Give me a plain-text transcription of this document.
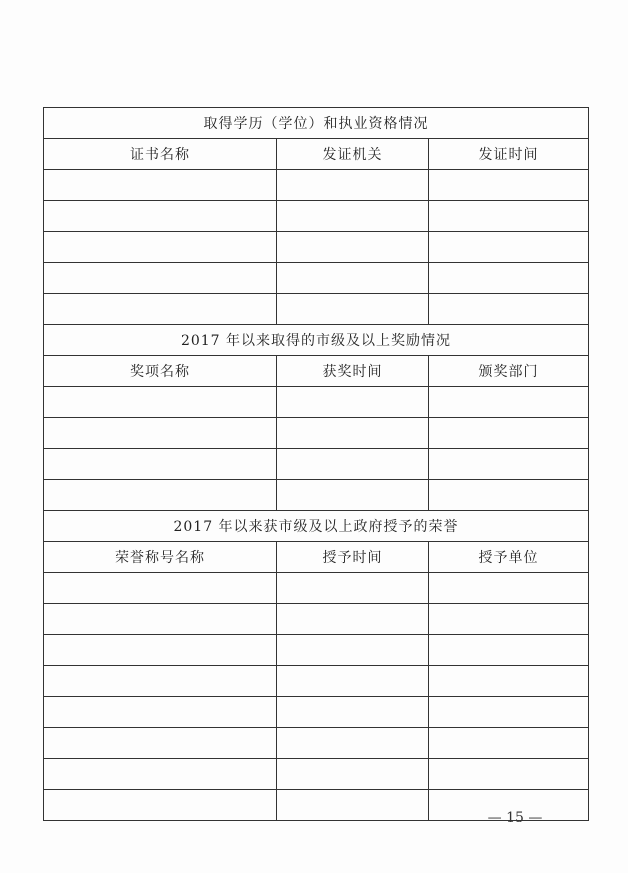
取得学历（学位）和执业资格情况		
证书名称	发证机关	发证时间

2017 年以来取得的市级及以上奖励情况		
奖项名称	获奖时间	颁奖部门

2017 年以来获市级及以上政府授予的荣誉		
荣誉称号名称	授予时间	授予单位

— 15 —
